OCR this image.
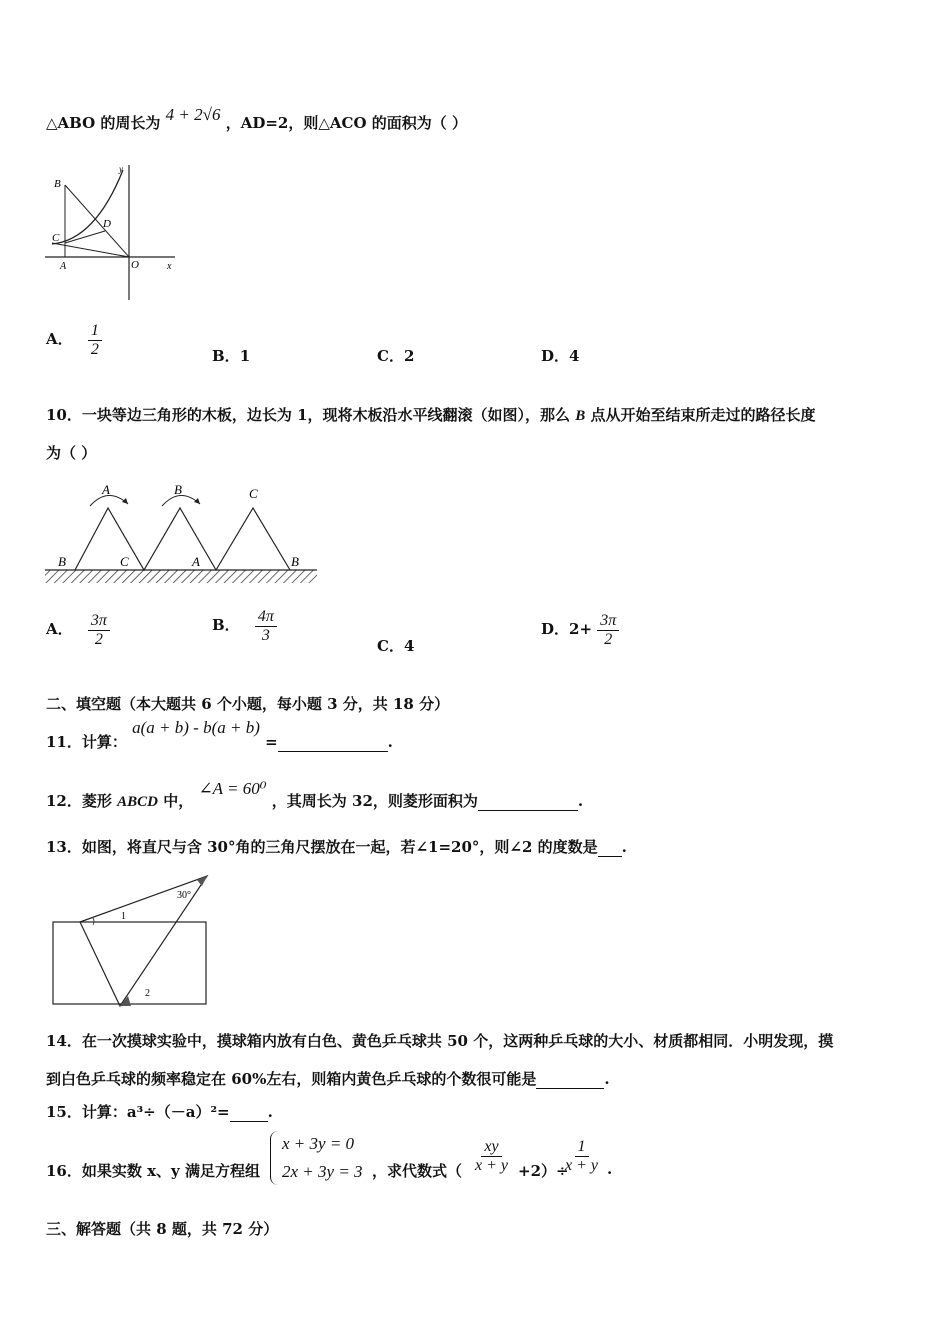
△ABO 的周长为 4 + 2√6 ，AD=2，则△ACO 的面积为（ ）
B
C
D
A	O	x
y
A． $\frac{1}{2}$	B．1	C．2	D．4
10．一块等边三角形的木板，边长为 1，现将木板沿水平线翻滚（如图），那么 B 点从开始至结束所走过的路径长度
为（ ）
A	B	C
B	C	A	B
A． $\frac{3\pi}{2}$	B． $\frac{4\pi}{3}$
C．4
D．$2+ \frac{3\pi}{2}$
二、填空题（本大题共 6 个小题，每小题 3 分，共 18 分）
11．计算： a(a + b) - b(a + b) =	.
12．菱形 ABCD 中， ∠A = 60⁰ ，其周长为 32，则菱形面积为	.
13．如图，将直尺与含 30°角的三角尺摆放在一起，若∠1=20°，则∠2 的度数是 .
30°
1
2
14．在一次摸球实验中，摸球箱内放有白色、黄色乒乓球共 50 个，这两种乒乓球的大小、材质都相同．小明发现，摸
到白色乒乓球的频率稳定在 60%左右，则箱内黄色乒乓球的个数很可能是	.
15．计算：a³÷（－a）²=	.
16．如果实数 x、y 满足方程组
x + 3y = 0
2x + 3y = 3 ，求代数式（ $\frac{xy}{x + y} +2)\div$
$\frac{1}{x + y}$ .
三、解答题（共 8 题，共 72 分）
